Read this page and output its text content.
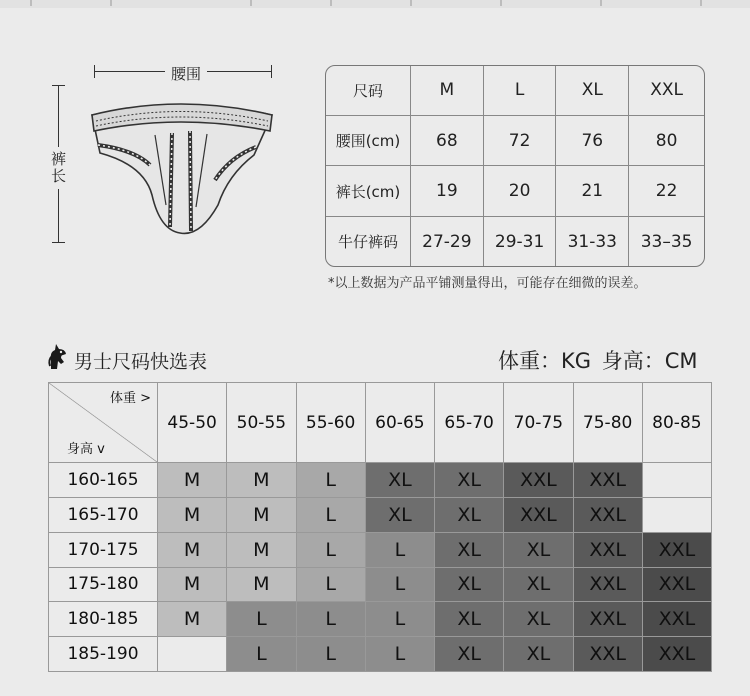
腰围
裤长
尺码	M	L	XL	XXL
腰围(cm)	68	72	76	80
裤长(cm)	19	20	21	22
牛仔裤码	27-29	29-31	31-33	33–35
*以上数据为产品平铺测量得出，可能存在细微的误差。
男士尺码快选表	体重：KG 身高：CM
体重 >
身高 v	45-50	50-55	55-60	60-65	65-70	70-75	75-80	80-85
160-165	M	M	L	XL	XL	XXL	XXL	
165-170	M	M	L	XL	XL	XXL	XXL	
170-175	M	M	L	L	XL	XL	XXL	XXL
175-180	M	M	L	L	XL	XL	XXL	XXL
180-185	M	L	L	L	XL	XL	XXL	XXL
185-190		L	L	L	XL	XL	XXL	XXL
